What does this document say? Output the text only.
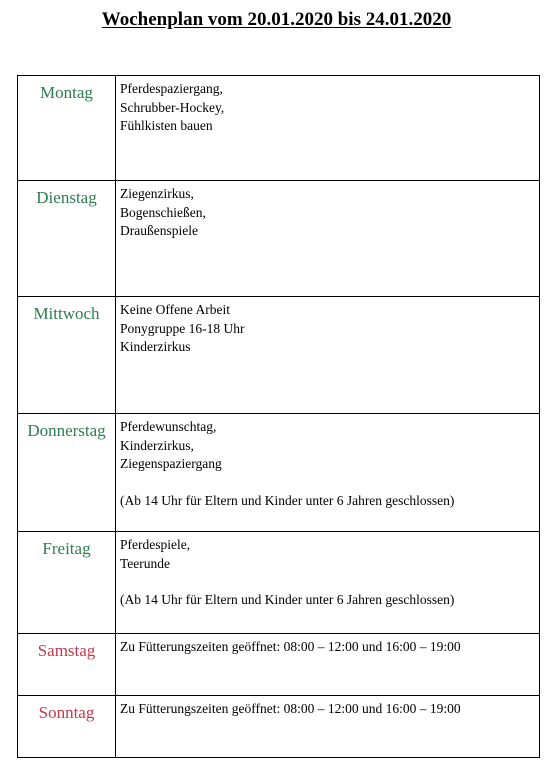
Wochenplan vom 20.01.2020 bis 24.01.2020
Montag	Pferdespaziergang,
Schrubber-Hockey,
Fühlkisten bauen

Dienstag	Ziegenzirkus,
Bogenschießen,
Draußenspiele

Mittwoch	Keine Offene Arbeit
Ponygruppe 16-18 Uhr
Kinderzirkus

Donnerstag	Pferdewunschtag,
Kinderzirkus,
Ziegenspaziergang
(Ab 14 Uhr für Eltern und Kinder unter 6 Jahren geschlossen)

Freitag	Pferdespiele,
Teerunde
(Ab 14 Uhr für Eltern und Kinder unter 6 Jahren geschlossen)

Samstag	Zu Fütterungszeiten geöffnet: 08:00 – 12:00 und 16:00 – 19:00

Sonntag	Zu Fütterungszeiten geöffnet: 08:00 – 12:00 und 16:00 – 19:00
